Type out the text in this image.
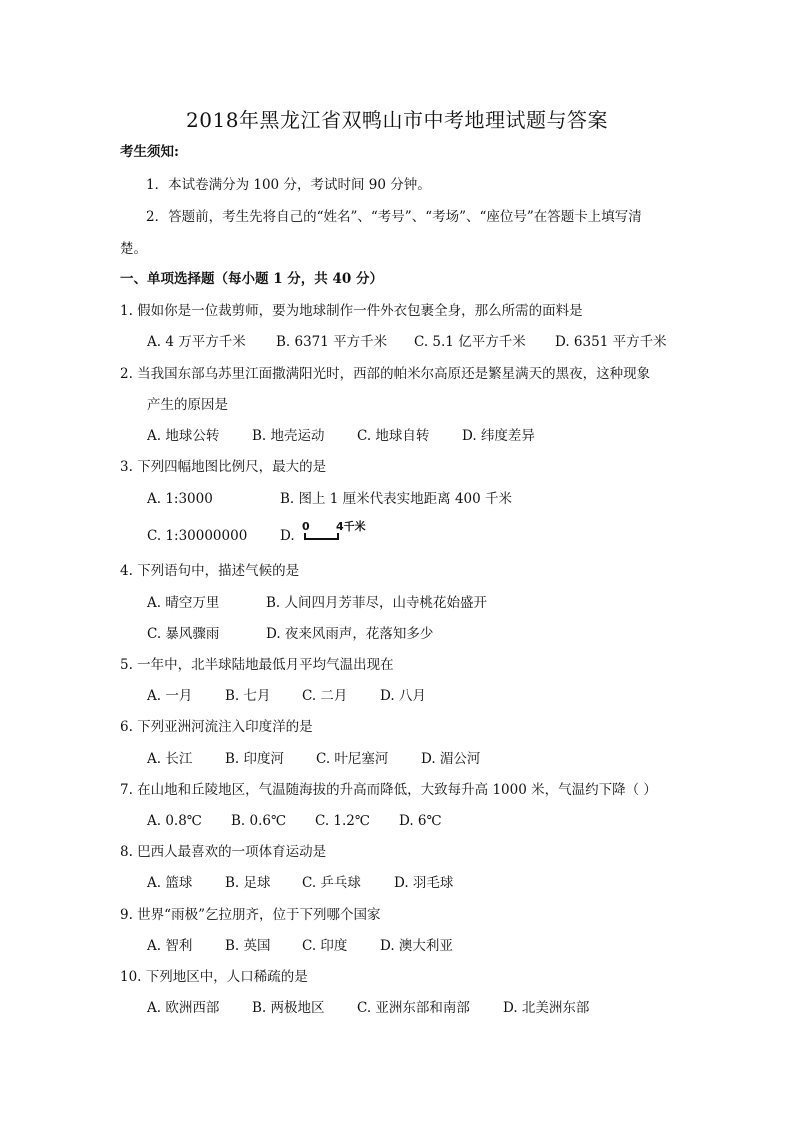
2018年黑龙江省双鸭山市中考地理试题与答案
考生须知:
1．本试卷满分为 100 分，考试时间 90 分钟。
2．答题前，考生先将自己的“姓名”、“考号”、“考场”、“座位号”在答题卡上填写清
楚。
一、单项选择题（每小题 1 分，共 40 分）
1. 假如你是一位裁剪师，要为地球制作一件外衣包裹全身，那么所需的面料是
A. 4 万平方千米 B. 6371 平方千米 C. 5.1 亿平方千米 D. 6351 平方千米
2. 当我国东部乌苏里江面撒满阳光时，西部的帕米尔高原还是繁星满天的黑夜，这种现象
产生的原因是
A. 地球公转 B. 地壳运动 C. 地球自转 D. 纬度差异
3. 下列四幅地图比例尺，最大的是
A. 1:3000	B. 图上 1 厘米代表实地距离 400 千米
C. 1:30000000 D.
0 4千米
4. 下列语句中，描述气候的是
A. 晴空万里	B. 人间四月芳菲尽，山寺桃花始盛开
C. 暴风骤雨	D. 夜来风雨声，花落知多少
5. 一年中，北半球陆地最低月平均气温出现在
A. 一月 B. 七月 C. 二月 D. 八月
6. 下列亚洲河流注入印度洋的是
A. 长江 B. 印度河 C. 叶尼塞河 D. 湄公河
7. 在山地和丘陵地区，气温随海拔的升高而降低，大致每升高 1000 米，气温约下降（ ）
A. 0.8℃ B. 0.6℃ C. 1.2℃ D. 6℃
8. 巴西人最喜欢的一项体育运动是
A. 篮球 B. 足球 C. 乒乓球 D. 羽毛球
9. 世界“雨极”乞拉朋齐，位于下列哪个国家
A. 智利 B. 英国 C. 印度 D. 澳大利亚
10. 下列地区中，人口稀疏的是
A. 欧洲西部 B. 两极地区 C. 亚洲东部和南部 D. 北美洲东部
